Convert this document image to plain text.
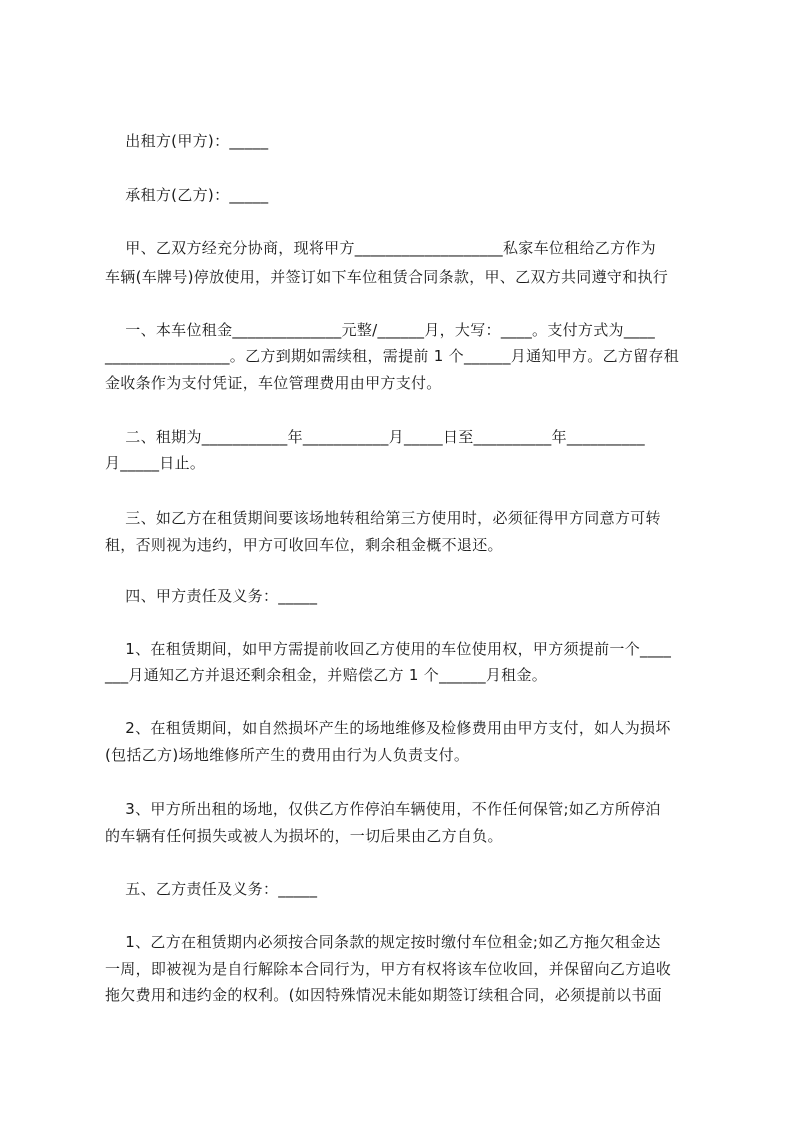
出租方(甲方)：_____
承租方(乙方)：_____
甲、乙双方经充分协商，现将甲方___________________私家车位租给乙方作为
车辆(车牌号)停放使用，并签订如下车位租赁合同条款，甲、乙双方共同遵守和执行
一、本车位租金______________元整/______月，大写：____。支付方式为____
________________。乙方到期如需续租，需提前 1 个______月通知甲方。乙方留存租
金收条作为支付凭证，车位管理费用由甲方支付。
二、租期为___________年___________月_____日至__________年__________
月_____日止。
三、如乙方在租赁期间要该场地转租给第三方使用时，必须征得甲方同意方可转
租，否则视为违约，甲方可收回车位，剩余租金概不退还。
四、甲方责任及义务：_____
1、在租赁期间，如甲方需提前收回乙方使用的车位使用权，甲方须提前一个____
___月通知乙方并退还剩余租金，并赔偿乙方 1 个______月租金。
2、在租赁期间，如自然损坏产生的场地维修及检修费用由甲方支付，如人为损坏
(包括乙方)场地维修所产生的费用由行为人负责支付。
3、甲方所出租的场地，仅供乙方作停泊车辆使用，不作任何保管;如乙方所停泊
的车辆有任何损失或被人为损坏的，一切后果由乙方自负。
五、乙方责任及义务：_____
1、乙方在租赁期内必须按合同条款的规定按时缴付车位租金;如乙方拖欠租金达
一周，即被视为是自行解除本合同行为，甲方有权将该车位收回，并保留向乙方追收
拖欠费用和违约金的权利。(如因特殊情况未能如期签订续租合同，必须提前以书面
